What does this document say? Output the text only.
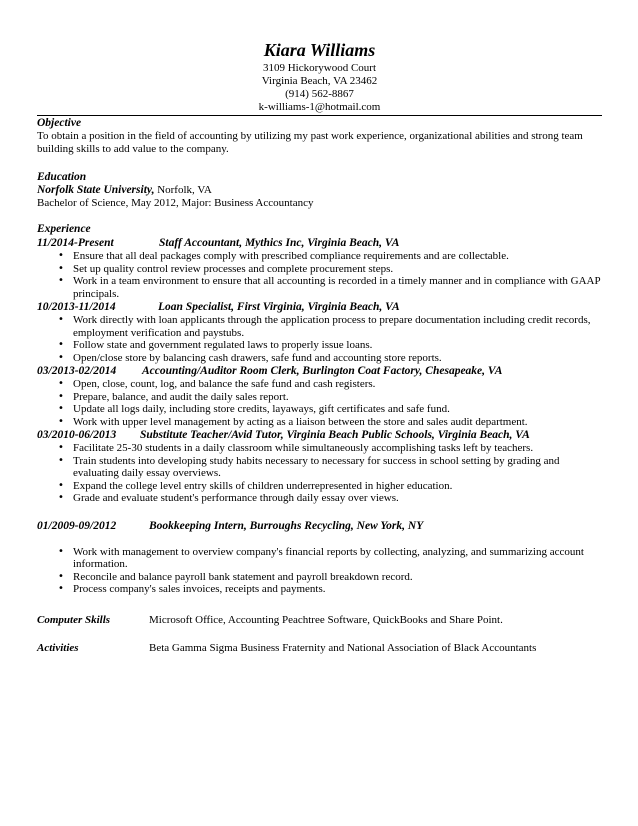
Kiara Williams
3109 Hickorywood Court
Virginia Beach, VA 23462
(914) 562-8867
k-williams-1@hotmail.com
Objective
To obtain a position in the field of accounting by utilizing my past work experience, organizational abilities and strong team building skills to add value to the company.
Education
Norfolk State University, Norfolk, VA
Bachelor of Science, May 2012, Major: Business Accountancy
Experience
11/2014-Present	Staff Accountant, Mythics Inc, Virginia Beach, VA
• Ensure that all deal packages comply with prescribed compliance requirements and are collectable.
• Set up quality control review processes and complete procurement steps.
• Work in a team environment to ensure that all accounting is recorded in a timely manner and in compliance with GAAP principals.
10/2013-11/2014	Loan Specialist, First Virginia, Virginia Beach, VA
• Work directly with loan applicants through the application process to prepare documentation including credit records, employment verification and paystubs.
• Follow state and government regulated laws to properly issue loans.
• Open/close store by balancing cash drawers, safe fund and accounting store reports.
03/2013-02/2014	Accounting/Auditor Room Clerk, Burlington Coat Factory, Chesapeake, VA
• Open, close, count, log, and balance the safe fund and cash registers.
• Prepare, balance, and audit the daily sales report.
• Update all logs daily, including store credits, layaways, gift certificates and safe fund.
• Work with upper level management by acting as a liaison between the store and sales audit department.
03/2010-06/2013	Substitute Teacher/Avid Tutor, Virginia Beach Public Schools, Virginia Beach, VA
• Facilitate 25-30 students in a daily classroom while simultaneously accomplishing tasks left by teachers.
• Train students into developing study habits necessary to necessary for success in school setting by grading and evaluating daily essay overviews.
• Expand the college level entry skills of children underrepresented in higher education.
• Grade and evaluate student's performance through daily essay over views.
01/2009-09/2012	Bookkeeping Intern, Burroughs Recycling, New York, NY
• Work with management to overview company's financial reports by collecting, analyzing, and summarizing account information.
• Reconcile and balance payroll bank statement and payroll breakdown record.
• Process company's sales invoices, receipts and payments.
Computer Skills	Microsoft Office, Accounting Peachtree Software, QuickBooks and Share Point.
Activities	Beta Gamma Sigma Business Fraternity and National Association of Black Accountants
